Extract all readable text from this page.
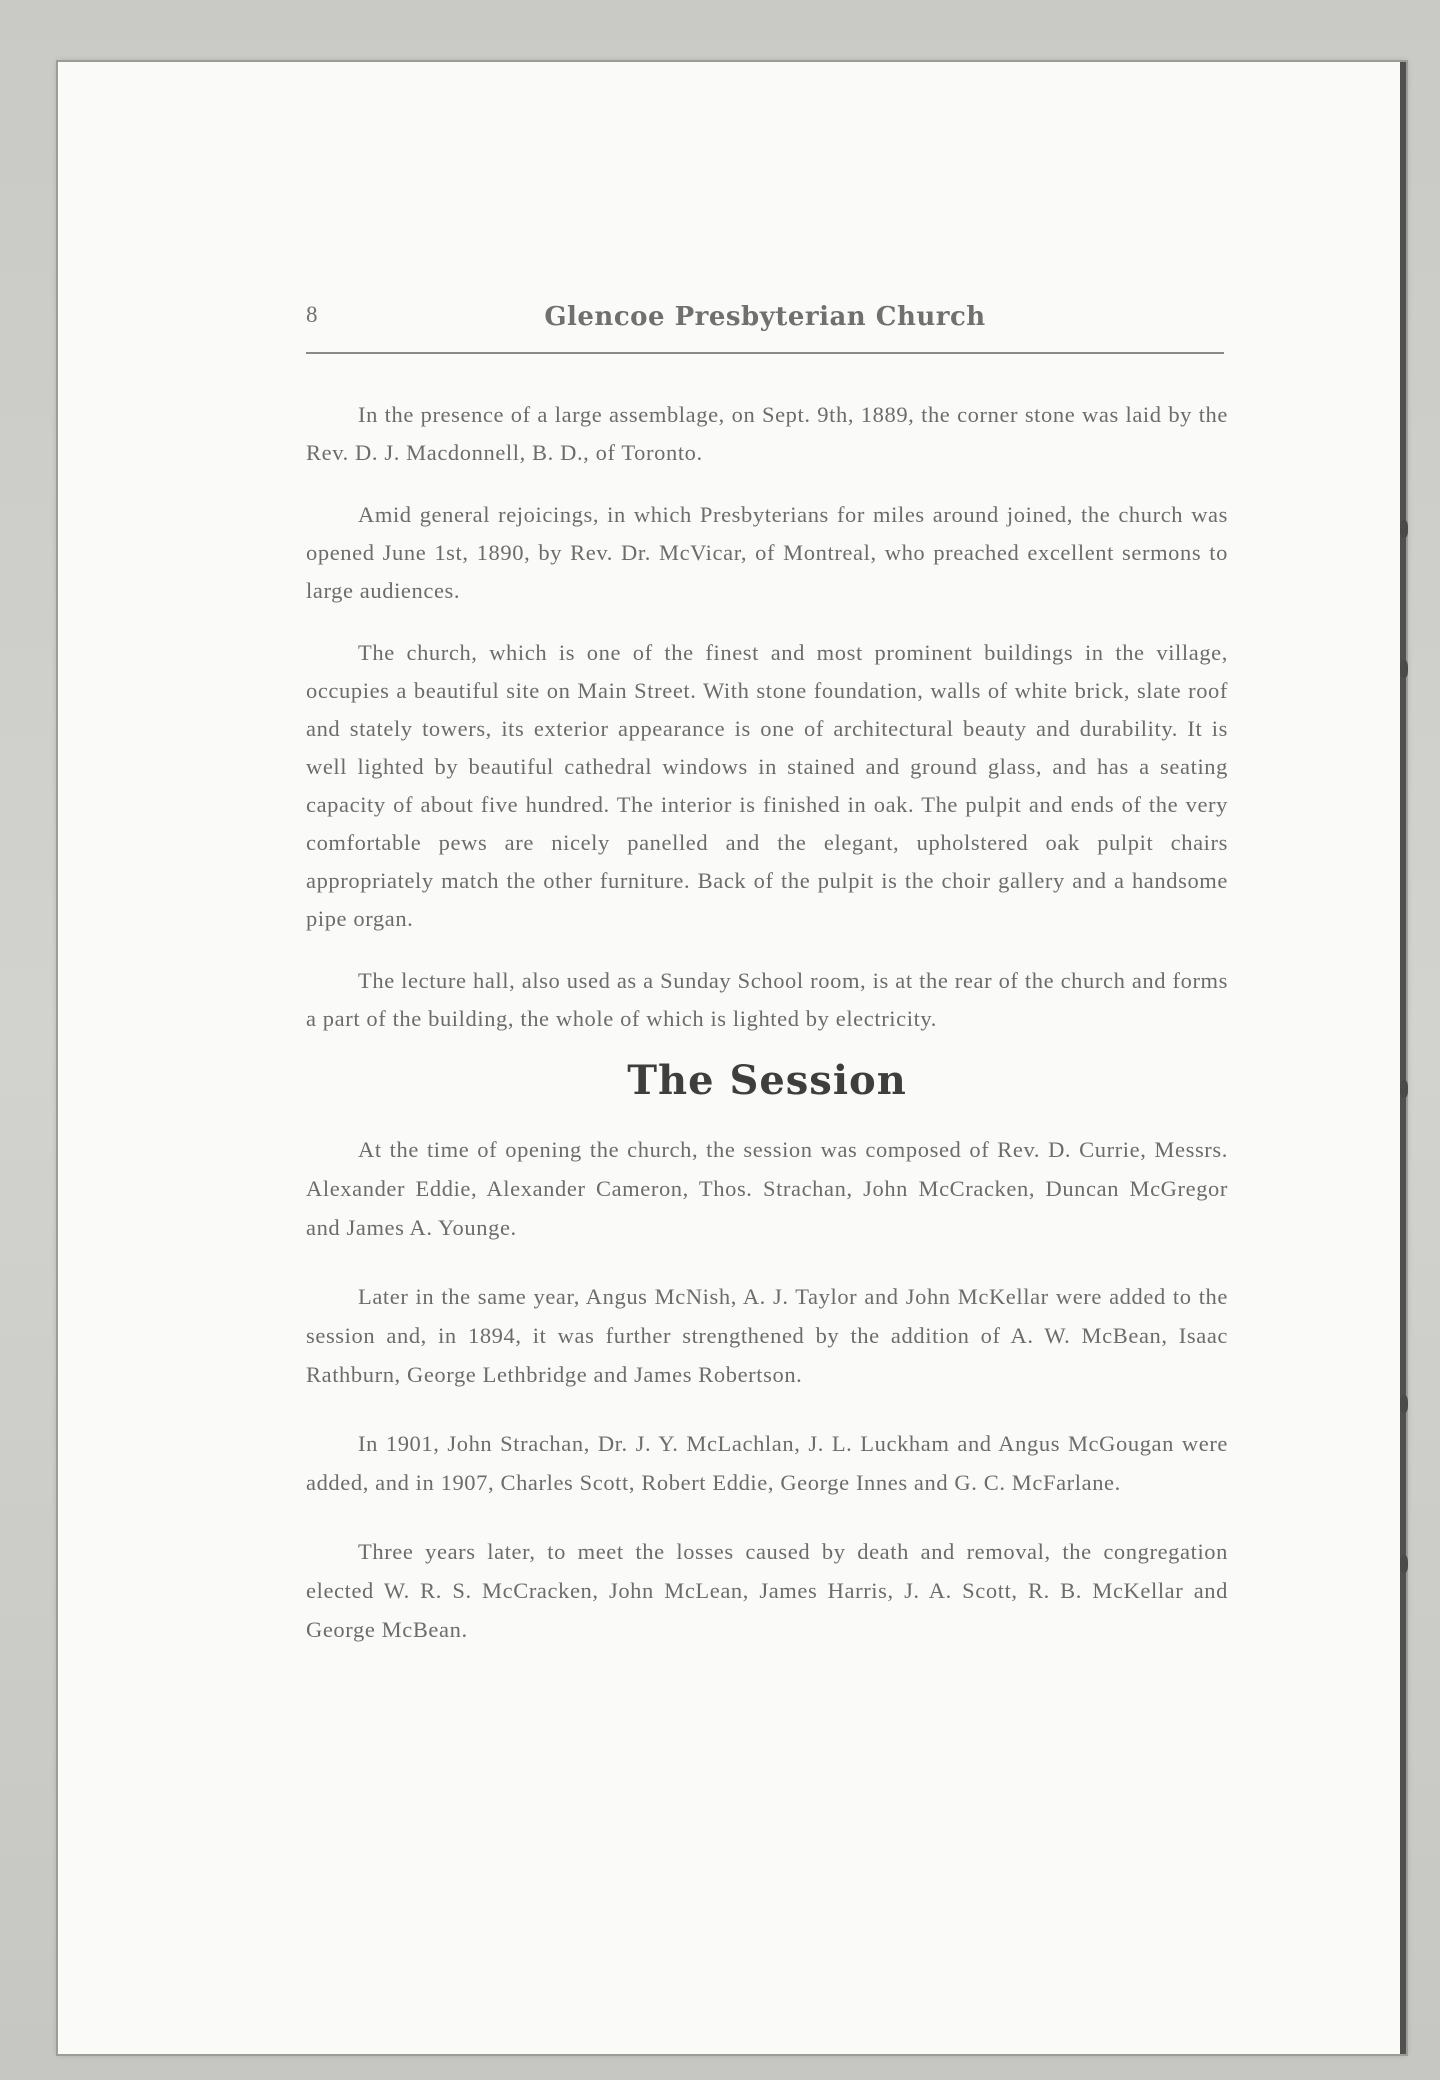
8	Glencoe Presbyterian Church

In the presence of a large assemblage, on Sept. 9th, 1889, the corner stone was laid by the Rev. D. J. Macdonnell, B. D., of Toronto.

Amid general rejoicings, in which Presbyterians for miles around joined, the church was opened June 1st, 1890, by Rev. Dr. McVicar, of Montreal, who preached excellent sermons to large audiences.

The church, which is one of the finest and most prominent buildings in the village, occupies a beautiful site on Main Street. With stone foundation, walls of white brick, slate roof and stately towers, its exterior appearance is one of architectural beauty and durability. It is well lighted by beautiful cathedral windows in stained and ground glass, and has a seating capacity of about five hundred. The interior is finished in oak. The pulpit and ends of the very comfortable pews are nicely panelled and the elegant, upholstered oak pulpit chairs appropriately match the other furniture. Back of the pulpit is the choir gallery and a handsome pipe organ.

The lecture hall, also used as a Sunday School room, is at the rear of the church and forms a part of the building, the whole of which is lighted by electricity.

The Session

At the time of opening the church, the session was composed of Rev. D. Currie, Messrs. Alexander Eddie, Alexander Cameron, Thos. Strachan, John McCracken, Duncan McGregor and James A. Younge.

Later in the same year, Angus McNish, A. J. Taylor and John McKellar were added to the session and, in 1894, it was further strengthened by the addition of A. W. McBean, Isaac Rathburn, George Lethbridge and James Robertson.

In 1901, John Strachan, Dr. J. Y. McLachlan, J. L. Luckham and Angus McGougan were added, and in 1907, Charles Scott, Robert Eddie, George Innes and G. C. McFarlane.

Three years later, to meet the losses caused by death and removal, the congregation elected W. R. S. McCracken, John McLean, James Harris, J. A. Scott, R. B. McKellar and George McBean.
